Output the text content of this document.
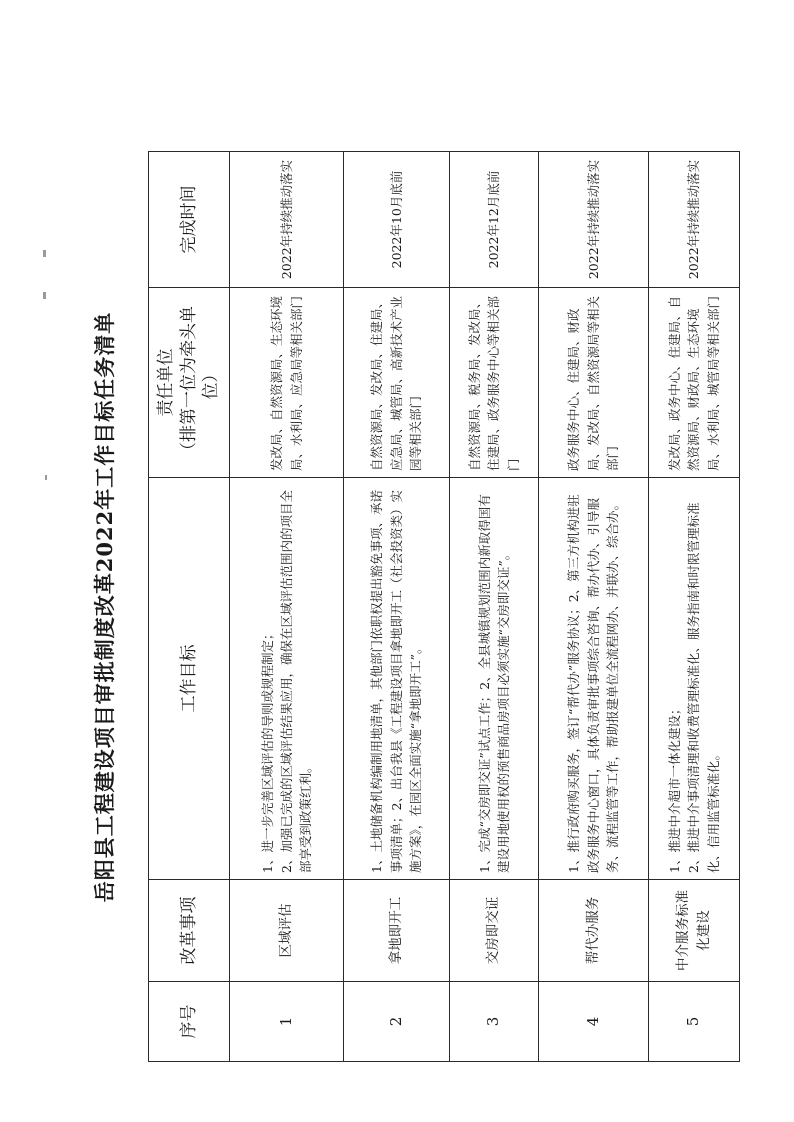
岳阳县工程建设项目审批制度改革2022年工作目标任务清单
序号	改革事项	工作目标	责任单位 （排第一位为牵头单位）	完成时间
1	区域评估	1、进一步完善区域评估的导则或规程制定； 2、加强已完成的区域评估结果应用，确保在区域评估范围内的项目全部享受到政策红利。	发改局、自然资源局、生态环境局、水利局、应急局等相关部门	2022年持续推动落实
2	拿地即开工	1、土地储备机构编制用地清单，其他部门依职权提出豁免事项、承诺事项清单；2、出台我县《工程建设项目拿地即开工（社会投资类）实施方案》，在园区全面实施“拿地即开工”。	自然资源局、发改局、住建局、应急局、城管局、高新技术产业园等相关部门	2022年10月底前
3	交房即交证	1、完成“交房即交证”试点工作；2、全县城镇规划范围内新取得国有建设用地使用权的预售商品房项目必须实施“交房即交证”。	自然资源局、税务局、发改局、住建局、政务服务中心等相关部门	2022年12月底前
4	帮代办服务	1、推行政府购买服务，签订“帮代办”服务协议；2、第三方机构进驻政务服务中心窗口，具体负责审批事项综合咨询、帮办代办、引导服务、流程监管等工作，帮助报建单位全流程网办、并联办、综合办。	政务服务中心、住建局、财政局、发改局、自然资源局等相关部门	2022年持续推动落实
5	中介服务标准化建设	1、推进中介超市一体化建设； 2、推进中介事项清理和收费管理标准化、服务指南和时限管理标准化、信用监管标准化。	发改局、政务中心、住建局、自然资源局、财政局、生态环境局、水利局、城管局等相关部门	2022年持续推动落实
